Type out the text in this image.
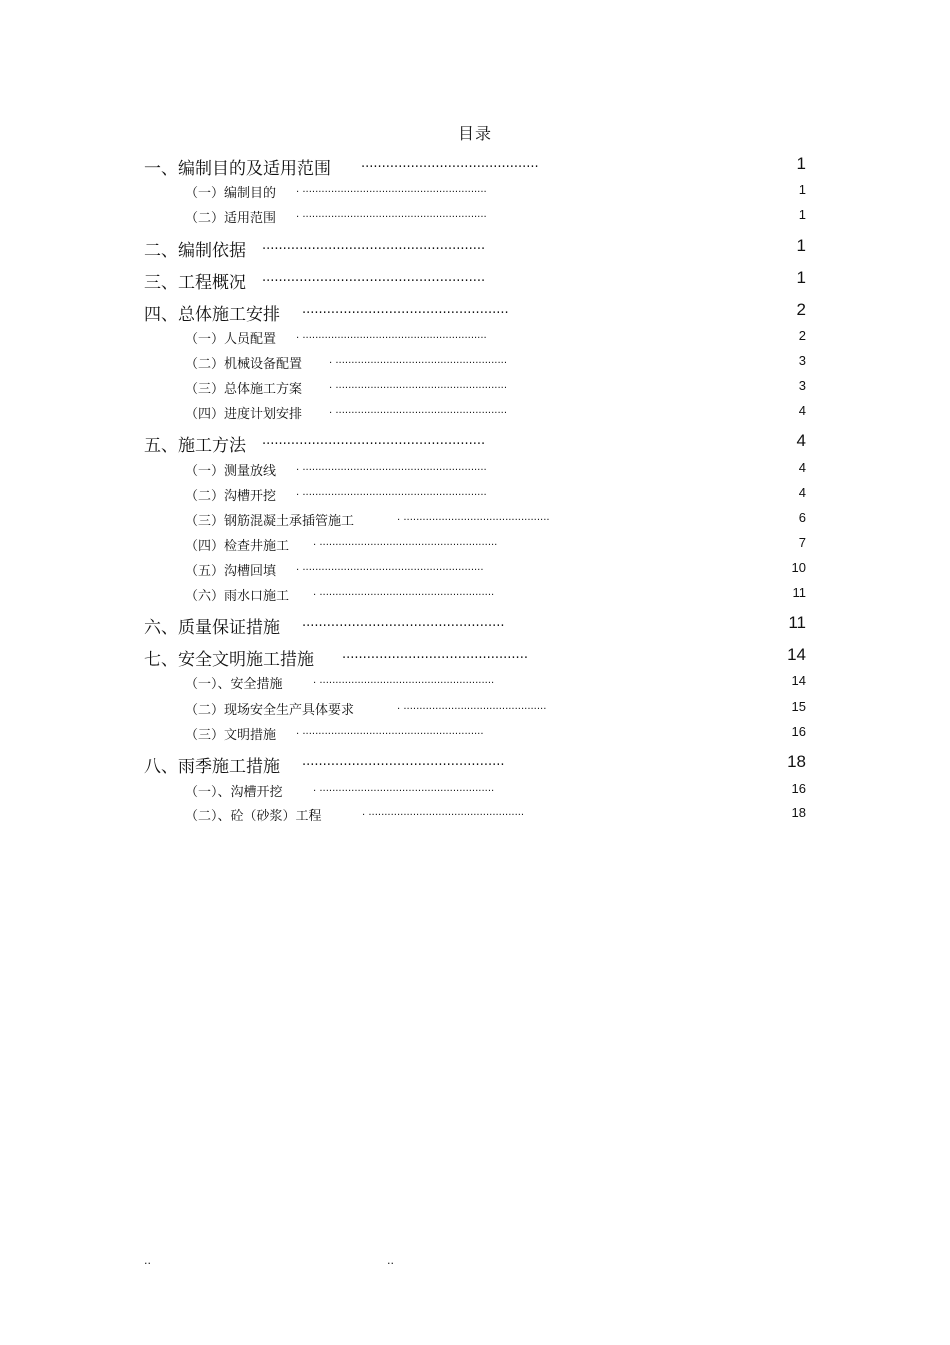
目录
一、编制目的及适用范围 ...........................................	1
（一）编制目的 . ..........................................................	1
（二）适用范围 . ..........................................................	1
二、编制依据 ......................................................	1
三、工程概况 ......................................................	1
四、总体施工安排 ..................................................	2
（一）人员配置 . ..........................................................	2
（二）机械设备配置	. ......................................................	3
（三）总体施工方案	. ......................................................	3
（四）进度计划安排	. ......................................................	4
五、施工方法 ......................................................	4
（一）测量放线 . ..........................................................	4
（二）沟槽开挖 . ..........................................................	4
（三）钢筋混凝土承插管施工	. ..............................................	6
（四）检查井施工 . ........................................................	7
（五）沟槽回填 . .........................................................	10
（六）雨水口施工 . .......................................................	11
六、质量保证措施 .................................................	11
七、安全文明施工措施 .............................................	14
（一）、安全措施	. .......................................................	14
（二）现场安全生产具体要求	. .............................................	15
（三）文明措施 . .........................................................	16
八、雨季施工措施 .................................................	18
（一）、沟槽开挖	. .......................................................	16
（二）、砼（砂浆）工程	. .................................................	18
..	..
